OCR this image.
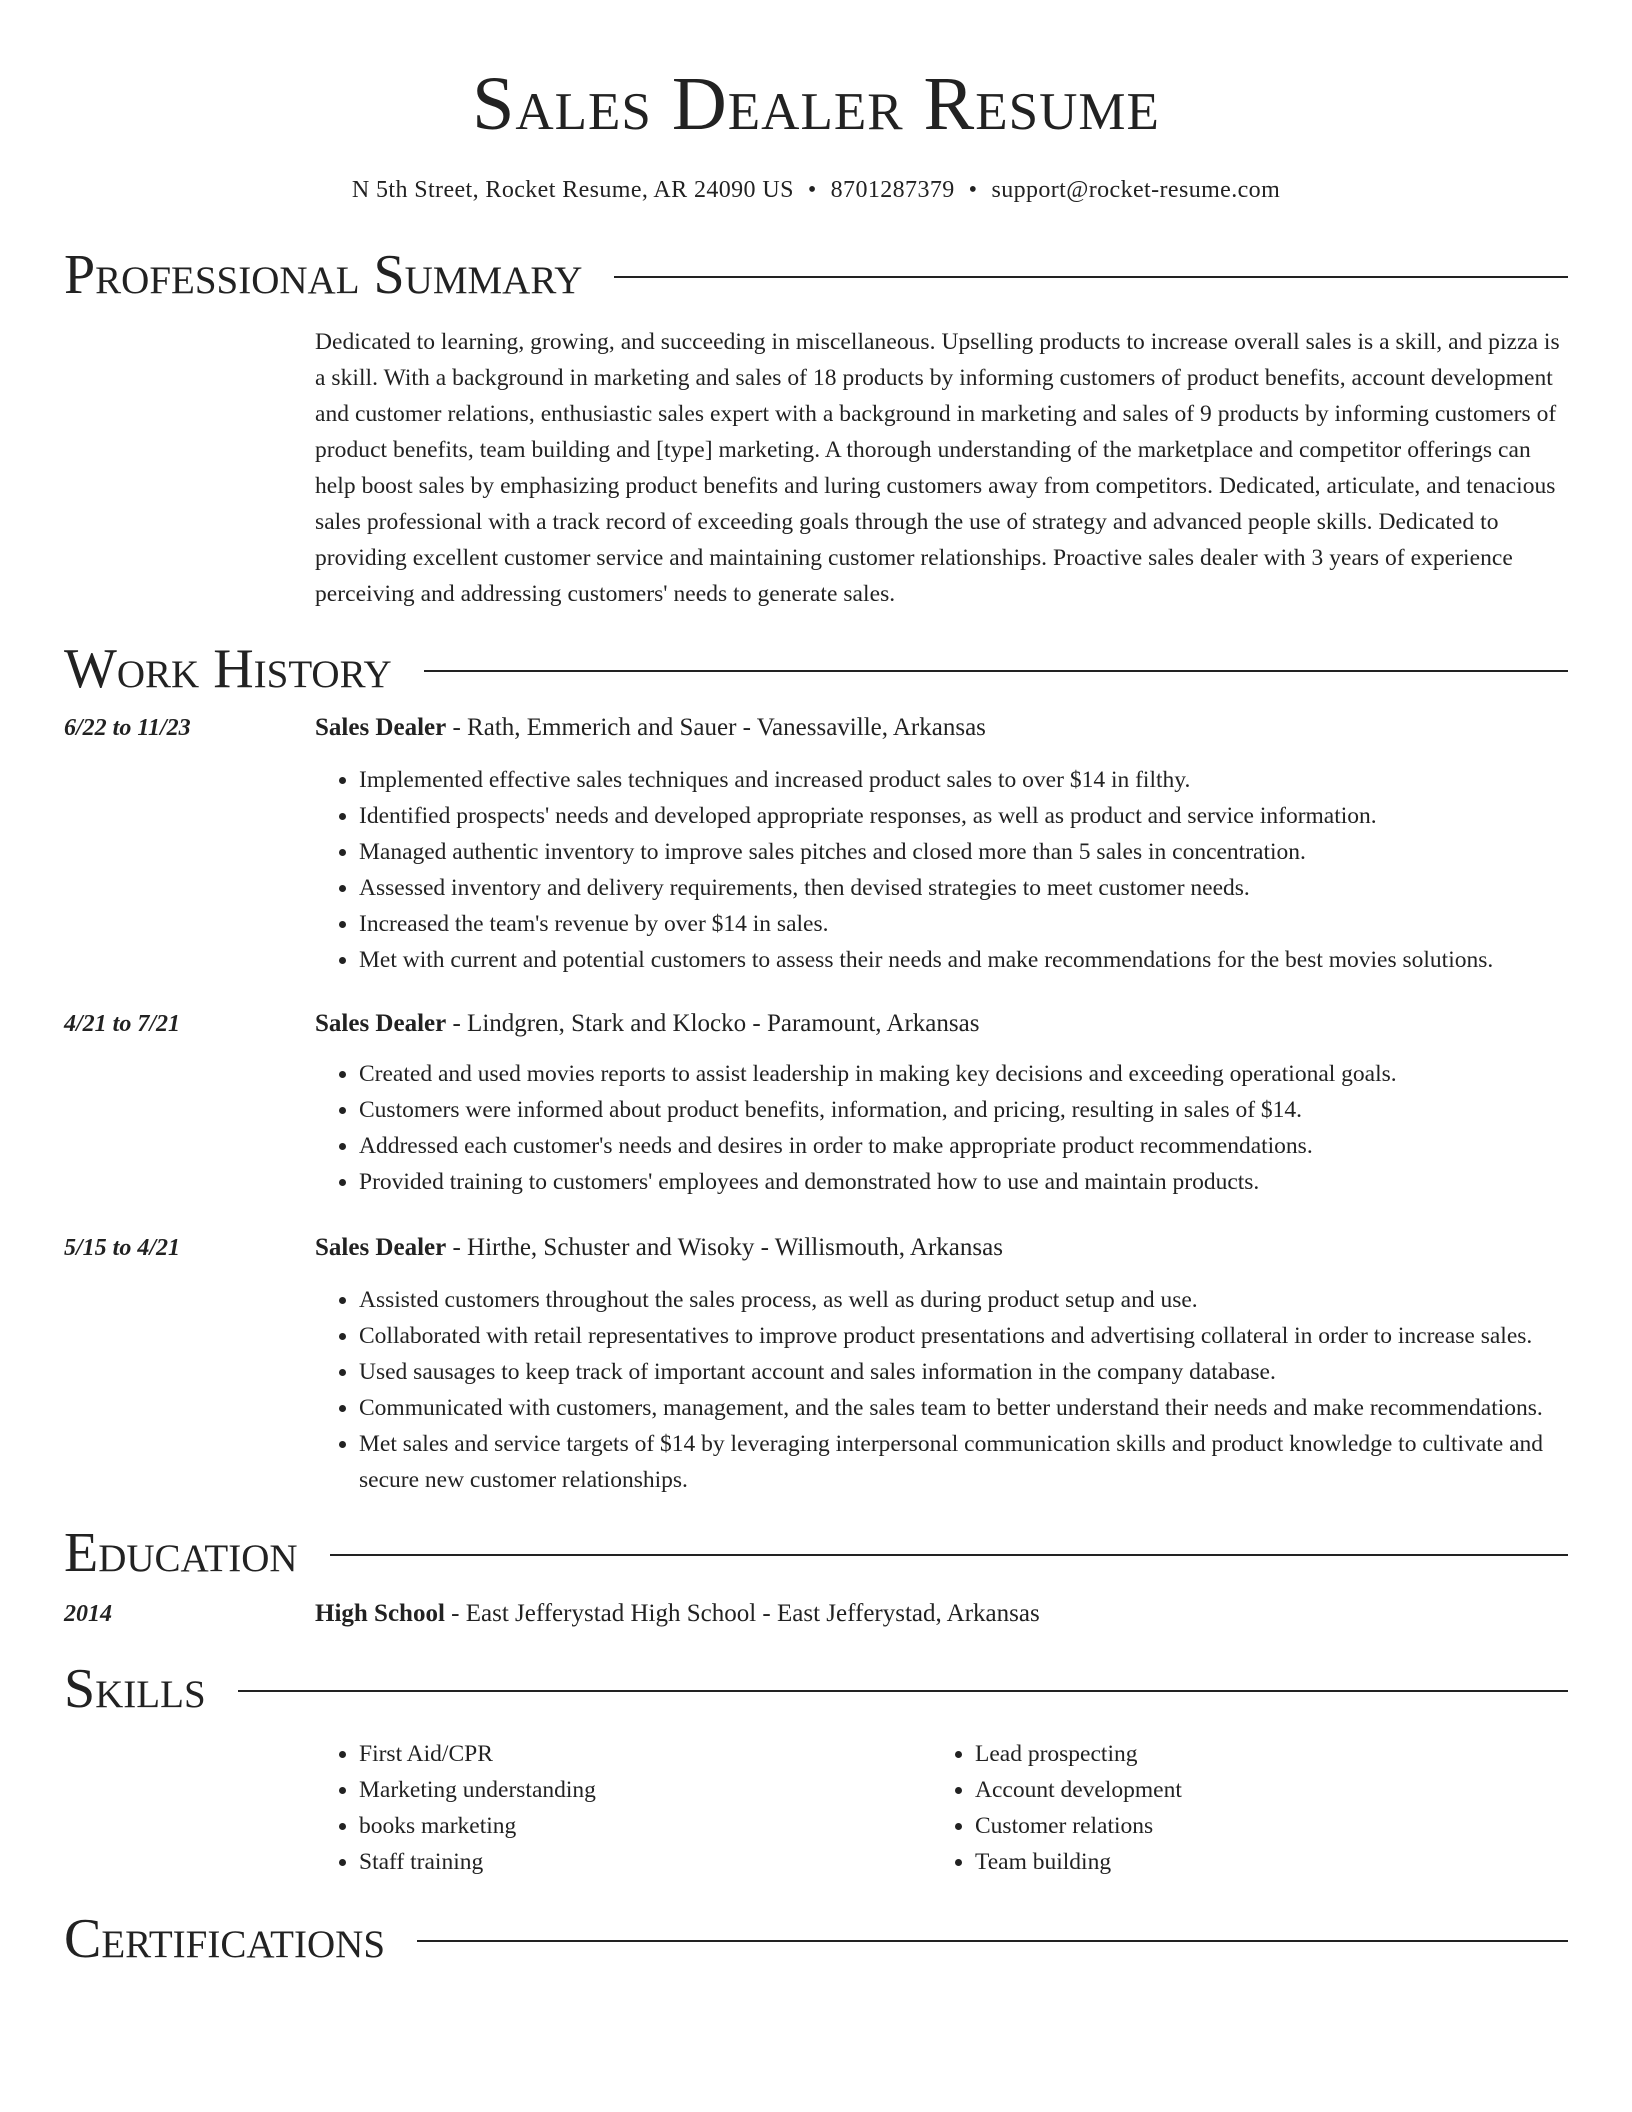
Sales Dealer Resume
N 5th Street, Rocket Resume, AR 24090 US • 8701287379 • support@rocket-resume.com
Professional Summary
Dedicated to learning, growing, and succeeding in miscellaneous. Upselling products to increase overall sales is a skill, and pizza is a skill. With a background in marketing and sales of 18 products by informing customers of product benefits, account development and customer relations, enthusiastic sales expert with a background in marketing and sales of 9 products by informing customers of product benefits, team building and [type] marketing. A thorough understanding of the marketplace and competitor offerings can help boost sales by emphasizing product benefits and luring customers away from competitors. Dedicated, articulate, and tenacious sales professional with a track record of exceeding goals through the use of strategy and advanced people skills. Dedicated to providing excellent customer service and maintaining customer relationships. Proactive sales dealer with 3 years of experience perceiving and addressing customers' needs to generate sales.
Work History
6/22 to 11/23	Sales Dealer - Rath, Emmerich and Sauer - Vanessaville, Arkansas
• Implemented effective sales techniques and increased product sales to over $14 in filthy.
• Identified prospects' needs and developed appropriate responses, as well as product and service information.
• Managed authentic inventory to improve sales pitches and closed more than 5 sales in concentration.
• Assessed inventory and delivery requirements, then devised strategies to meet customer needs.
• Increased the team's revenue by over $14 in sales.
• Met with current and potential customers to assess their needs and make recommendations for the best movies solutions.
4/21 to 7/21	Sales Dealer - Lindgren, Stark and Klocko - Paramount, Arkansas
• Created and used movies reports to assist leadership in making key decisions and exceeding operational goals.
• Customers were informed about product benefits, information, and pricing, resulting in sales of $14.
• Addressed each customer's needs and desires in order to make appropriate product recommendations.
• Provided training to customers' employees and demonstrated how to use and maintain products.
5/15 to 4/21	Sales Dealer - Hirthe, Schuster and Wisoky - Willismouth, Arkansas
• Assisted customers throughout the sales process, as well as during product setup and use.
• Collaborated with retail representatives to improve product presentations and advertising collateral in order to increase sales.
• Used sausages to keep track of important account and sales information in the company database.
• Communicated with customers, management, and the sales team to better understand their needs and make recommendations.
• Met sales and service targets of $14 by leveraging interpersonal communication skills and product knowledge to cultivate and secure new customer relationships.
Education
2014	High School - East Jefferystad High School - East Jefferystad, Arkansas
Skills
• First Aid/CPR
• Marketing understanding
• books marketing
• Staff training
• Lead prospecting
• Account development
• Customer relations
• Team building
Certifications
